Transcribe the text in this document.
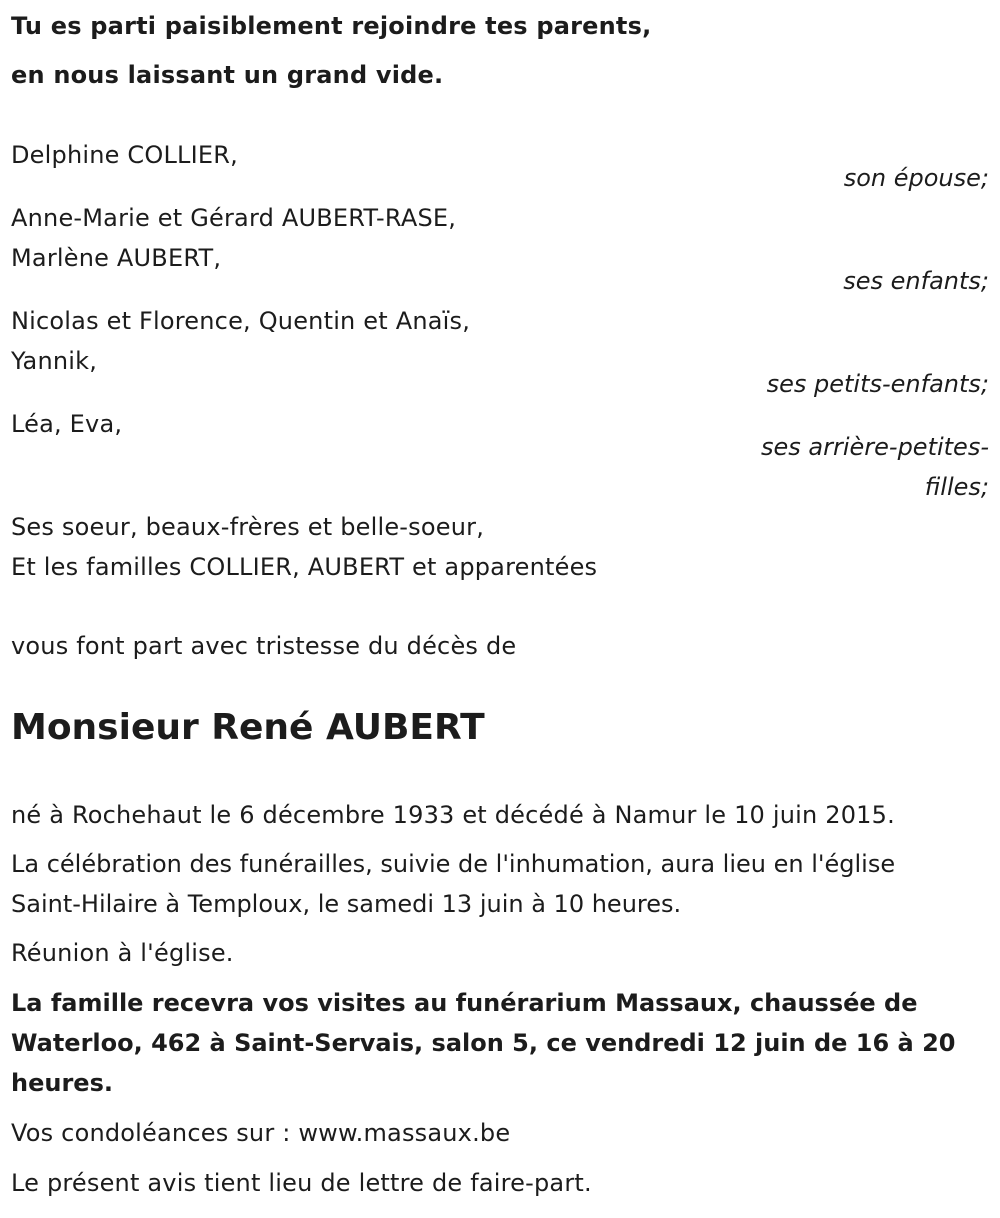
Tu es parti paisiblement rejoindre tes parents,
en nous laissant un grand vide.
Delphine COLLIER,
son épouse;
Anne-Marie et Gérard AUBERT-RASE,
Marlène AUBERT,
ses enfants;
Nicolas et Florence, Quentin et Anaïs,
Yannik,
ses petits-enfants;
Léa, Eva,
ses arrière-petites-
filles;
Ses soeur, beaux-frères et belle-soeur,
Et les familles COLLIER, AUBERT et apparentées
vous font part avec tristesse du décès de
Monsieur René AUBERT
né à Rochehaut le 6 décembre 1933 et décédé à Namur le 10 juin 2015.
La célébration des funérailles, suivie de l'inhumation, aura lieu en l'église Saint-Hilaire à Temploux, le samedi 13 juin à 10 heures.
Réunion à l'église.
La famille recevra vos visites au funérarium Massaux, chaussée de Waterloo, 462 à Saint-Servais, salon 5, ce vendredi 12 juin de 16 à 20 heures.
Vos condoléances sur : www.massaux.be
Le présent avis tient lieu de lettre de faire-part.
